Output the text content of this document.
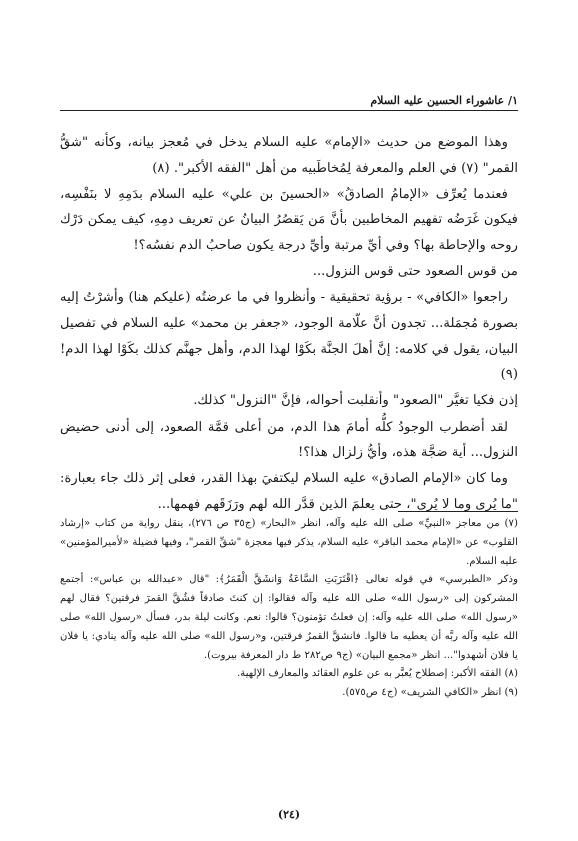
١/ عاشوراء الحسين عليه السلام

وهذا الموضع من حديث «الإمام» عليه السلام يدخل في مُعجز بيانه، وكأنه "شقُّ القمر" (٧) في العلم والمعرفة لِمُخاطَبيه من أهل "الفقه الأكبر". (٨)

فعندما يُعرِّف «الإمامُ الصادقُ» «الحسينَ بن علي» عليه السلام بدَمِهِ لا بنَفْسِه، فيكون غَرَضُه تفهيم المخاطبين بأنَّ مَن يَقصُرُ البيانُ عن تعريف دمِهِ، كيف يمكن دَرْك روحه والإحاطة بها؟ وفي أيِّ مرتبة وأيِّ درجة يكون صاحبُ الدم نفسُه؟!

من قوس الصعود حتى قوس النزول...

راجعوا «الكافي» - برؤية تحقيقية - وأنظروا في ما عرضتُه (عليكم هنا) وأشرْتُ إليه بصورة مُجمَلة... تجدون أنَّ علّامة الوجود، «جعفر بن محمد» عليه السلام في تفصيل البيان، يقول في كلامه: إنَّ أهلَ الجنَّة بكَوْا لهذا الدم، وأهل جهنَّم كذلك بكَوْا لهذا الدم! (٩)

إذن فكيا تغيَّر "الصعود" وأنقلبت أحواله، فإنَّ "النزول" كذلك.

لقد أضطرب الوجودُ كلُّه أمامَ هذا الدم، من أعلى قمَّة الصعود، إلى أدنى حضيض النزول... أية ضجَّة هذه، وأيُّ زلزال هذا؟!

وما كان «الإمام الصادق» عليه السلام ليكتفيَ بهذا القدر، فعلى إثر ذلك جاء بعبارة: "ما يُرى وما لا يُرى"، حتى يعلمَ الذين قدَّر الله لهم ورَزَقَهم فهمها...

(٧) من معاجز «النبيِّ» صلى الله عليه وآله، انظر «البحار» (ج٣٥ ص ٢٧٦)، ينقل رواية من كتاب «إرشاد القلوب» عن «الإمام محمد الباقر» عليه السلام، يذكر فيها معجزة "شقِّ القمر"، وفيها فضيلة «لأميرالمؤمنين» عليه السلام.

وذكر «الطبرسي» في قوله تعالى ﴿اقْتَرَبَتِ السَّاعَةُ وَانشَقَّ الْقَمَرُ﴾: "قال «عبدالله بن عباس»: أجتمع المشركون إلى «رسول الله» صلى الله عليه وآله فقالوا: إن كنتَ صادقاً فشُقَّ القمرَ فرقتين؟ فقال لهم «رسول الله» صلى الله عليه وآله: إن فعلتُ تؤمنون؟ قالوا: نعم. وكانت ليلة بدر، فسأل «رسول الله» صلى الله عليه وآله ربَّه أن يعطيه ما قالوا. فانشقَّ القمرُ فرقتين، و«رسول الله» صلى الله عليه وآله ينادي: يا فلان يا فلان أشهدوا"... انظر «مجمع البيان» (ج٩ ص٢٨٢ ط دار المعرفة بيروت).

(٨) الفقه الأكبر: إصطلاح يُعبَّر به عن علوم العقائد والمعارف الإلهية.

(٩) انظر «الكافي الشريف» (ج٤ ص٥٧٥).

(٢٤)
